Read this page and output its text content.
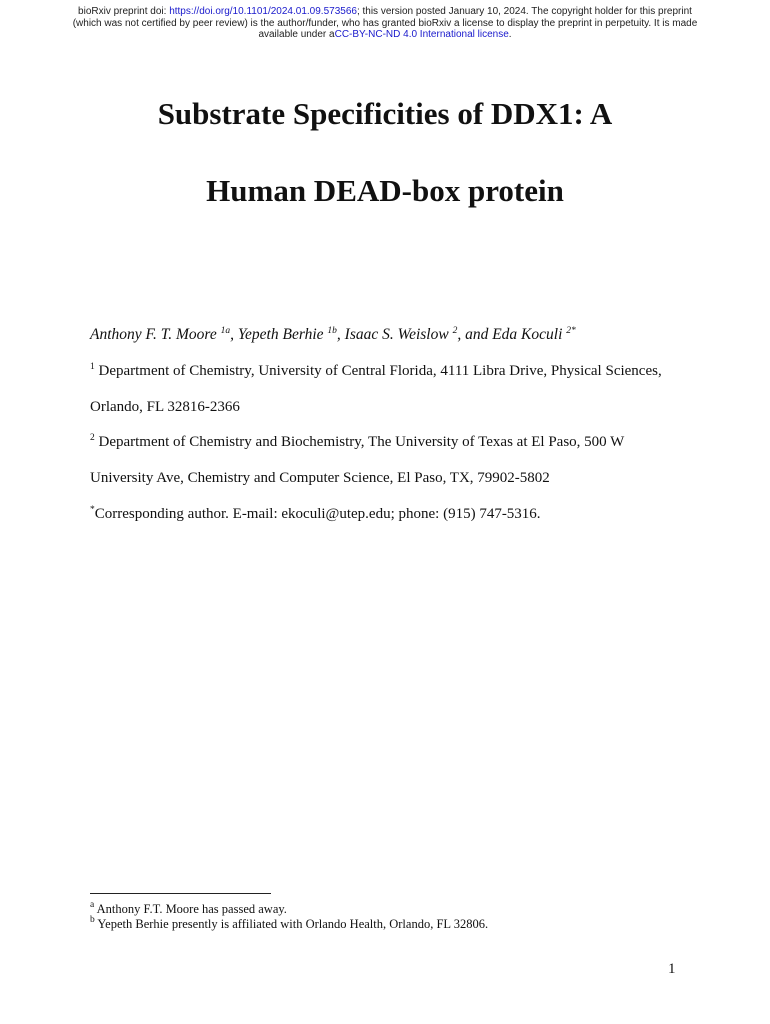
bioRxiv preprint doi: https://doi.org/10.1101/2024.01.09.573566; this version posted January 10, 2024. The copyright holder for this preprint
(which was not certified by peer review) is the author/funder, who has granted bioRxiv a license to display the preprint in perpetuity. It is made
available under aCC-BY-NC-ND 4.0 International license.
Substrate Specificities of DDX1: A
Human DEAD-box protein
Anthony F. T. Moore $^{1a}$, Yepeth Berhie $^{1b}$, Isaac S. Weislow $^2$, and Eda Koculi $^{2*}$
$^1$ Department of Chemistry, University of Central Florida, 4111 Libra Drive, Physical Sciences,
Orlando, FL 32816-2366
$^2$ Department of Chemistry and Biochemistry, The University of Texas at El Paso, 500 W
University Ave, Chemistry and Computer Science, El Paso, TX, 79902-5802
*Corresponding author. E-mail: ekoculi@utep.edu; phone: (915) 747-5316.
$^a$ Anthony F.T. Moore has passed away.
$^b$ Yepeth Berhie presently is affiliated with Orlando Health, Orlando, FL 32806.
1
